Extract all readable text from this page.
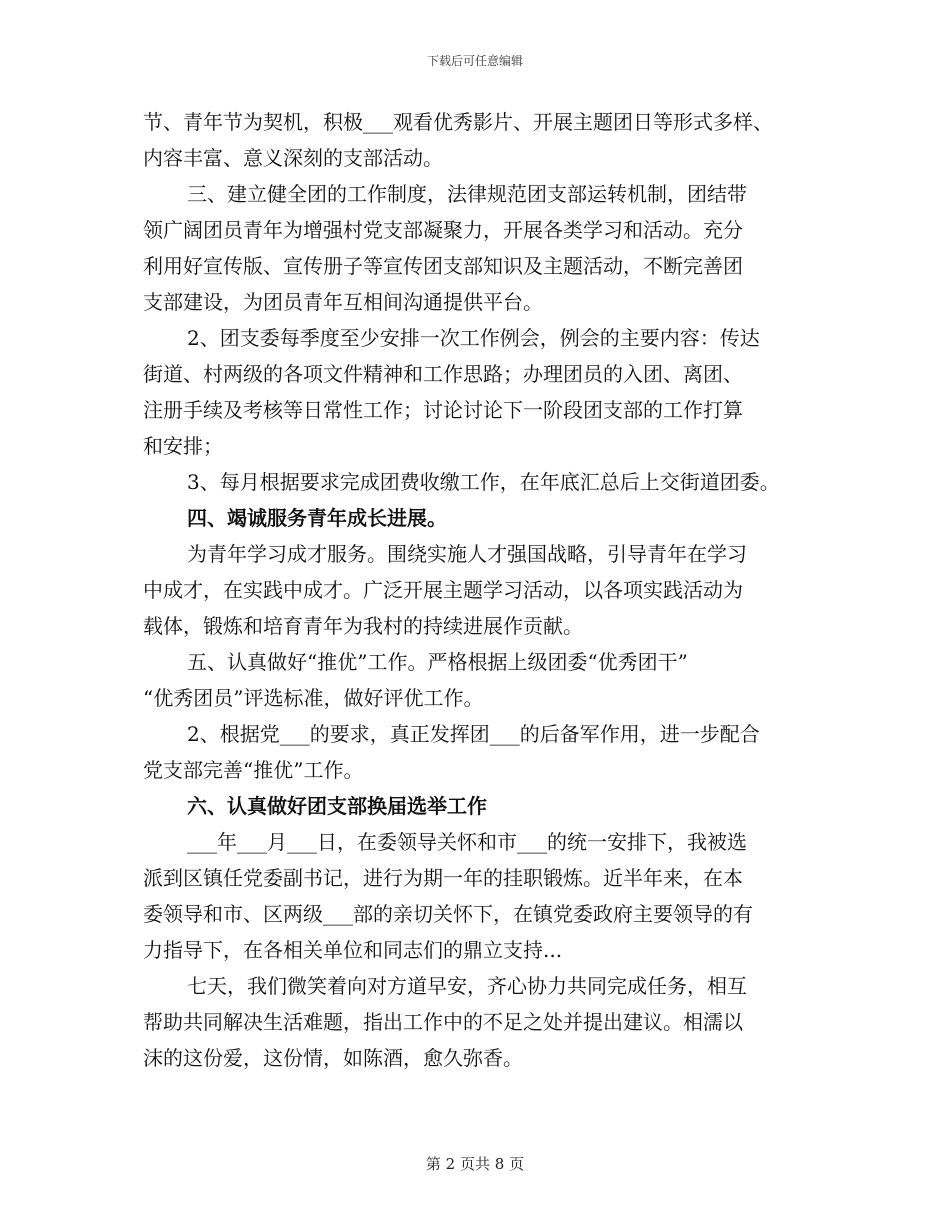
下载后可任意编辑
节、青年节为契机，积极___观看优秀影片、开展主题团日等形式多样、
内容丰富、意义深刻的支部活动。
三、建立健全团的工作制度，法律规范团支部运转机制，团结带
领广阔团员青年为增强村党支部凝聚力，开展各类学习和活动。充分
利用好宣传版、宣传册子等宣传团支部知识及主题活动，不断完善团
支部建设，为团员青年互相间沟通提供平台。
2、团支委每季度至少安排一次工作例会，例会的主要内容：传达
街道、村两级的各项文件精神和工作思路；办理团员的入团、离团、
注册手续及考核等日常性工作；讨论讨论下一阶段团支部的工作打算
和安排；
3、每月根据要求完成团费收缴工作，在年底汇总后上交街道团委。
四、竭诚服务青年成长进展。
为青年学习成才服务。围绕实施人才强国战略，引导青年在学习
中成才，在实践中成才。广泛开展主题学习活动，以各项实践活动为
载体，锻炼和培育青年为我村的持续进展作贡献。
五、认真做好“推优”工作。严格根据上级团委“优秀团干”
“优秀团员”评选标准，做好评优工作。
2、根据党___的要求，真正发挥团___的后备军作用，进一步配合
党支部完善“推优”工作。
六、认真做好团支部换届选举工作
___年___月___日，在委领导关怀和市___的统一安排下，我被选
派到区镇任党委副书记，进行为期一年的挂职锻炼。近半年来，在本
委领导和市、区两级___部的亲切关怀下，在镇党委政府主要领导的有
力指导下，在各相关单位和同志们的鼎立支持...
七天，我们微笑着向对方道早安，齐心协力共同完成任务，相互
帮助共同解决生活难题，指出工作中的不足之处并提出建议。相濡以
沫的这份爱，这份情，如陈酒，愈久弥香。
第 2 页共 8 页
